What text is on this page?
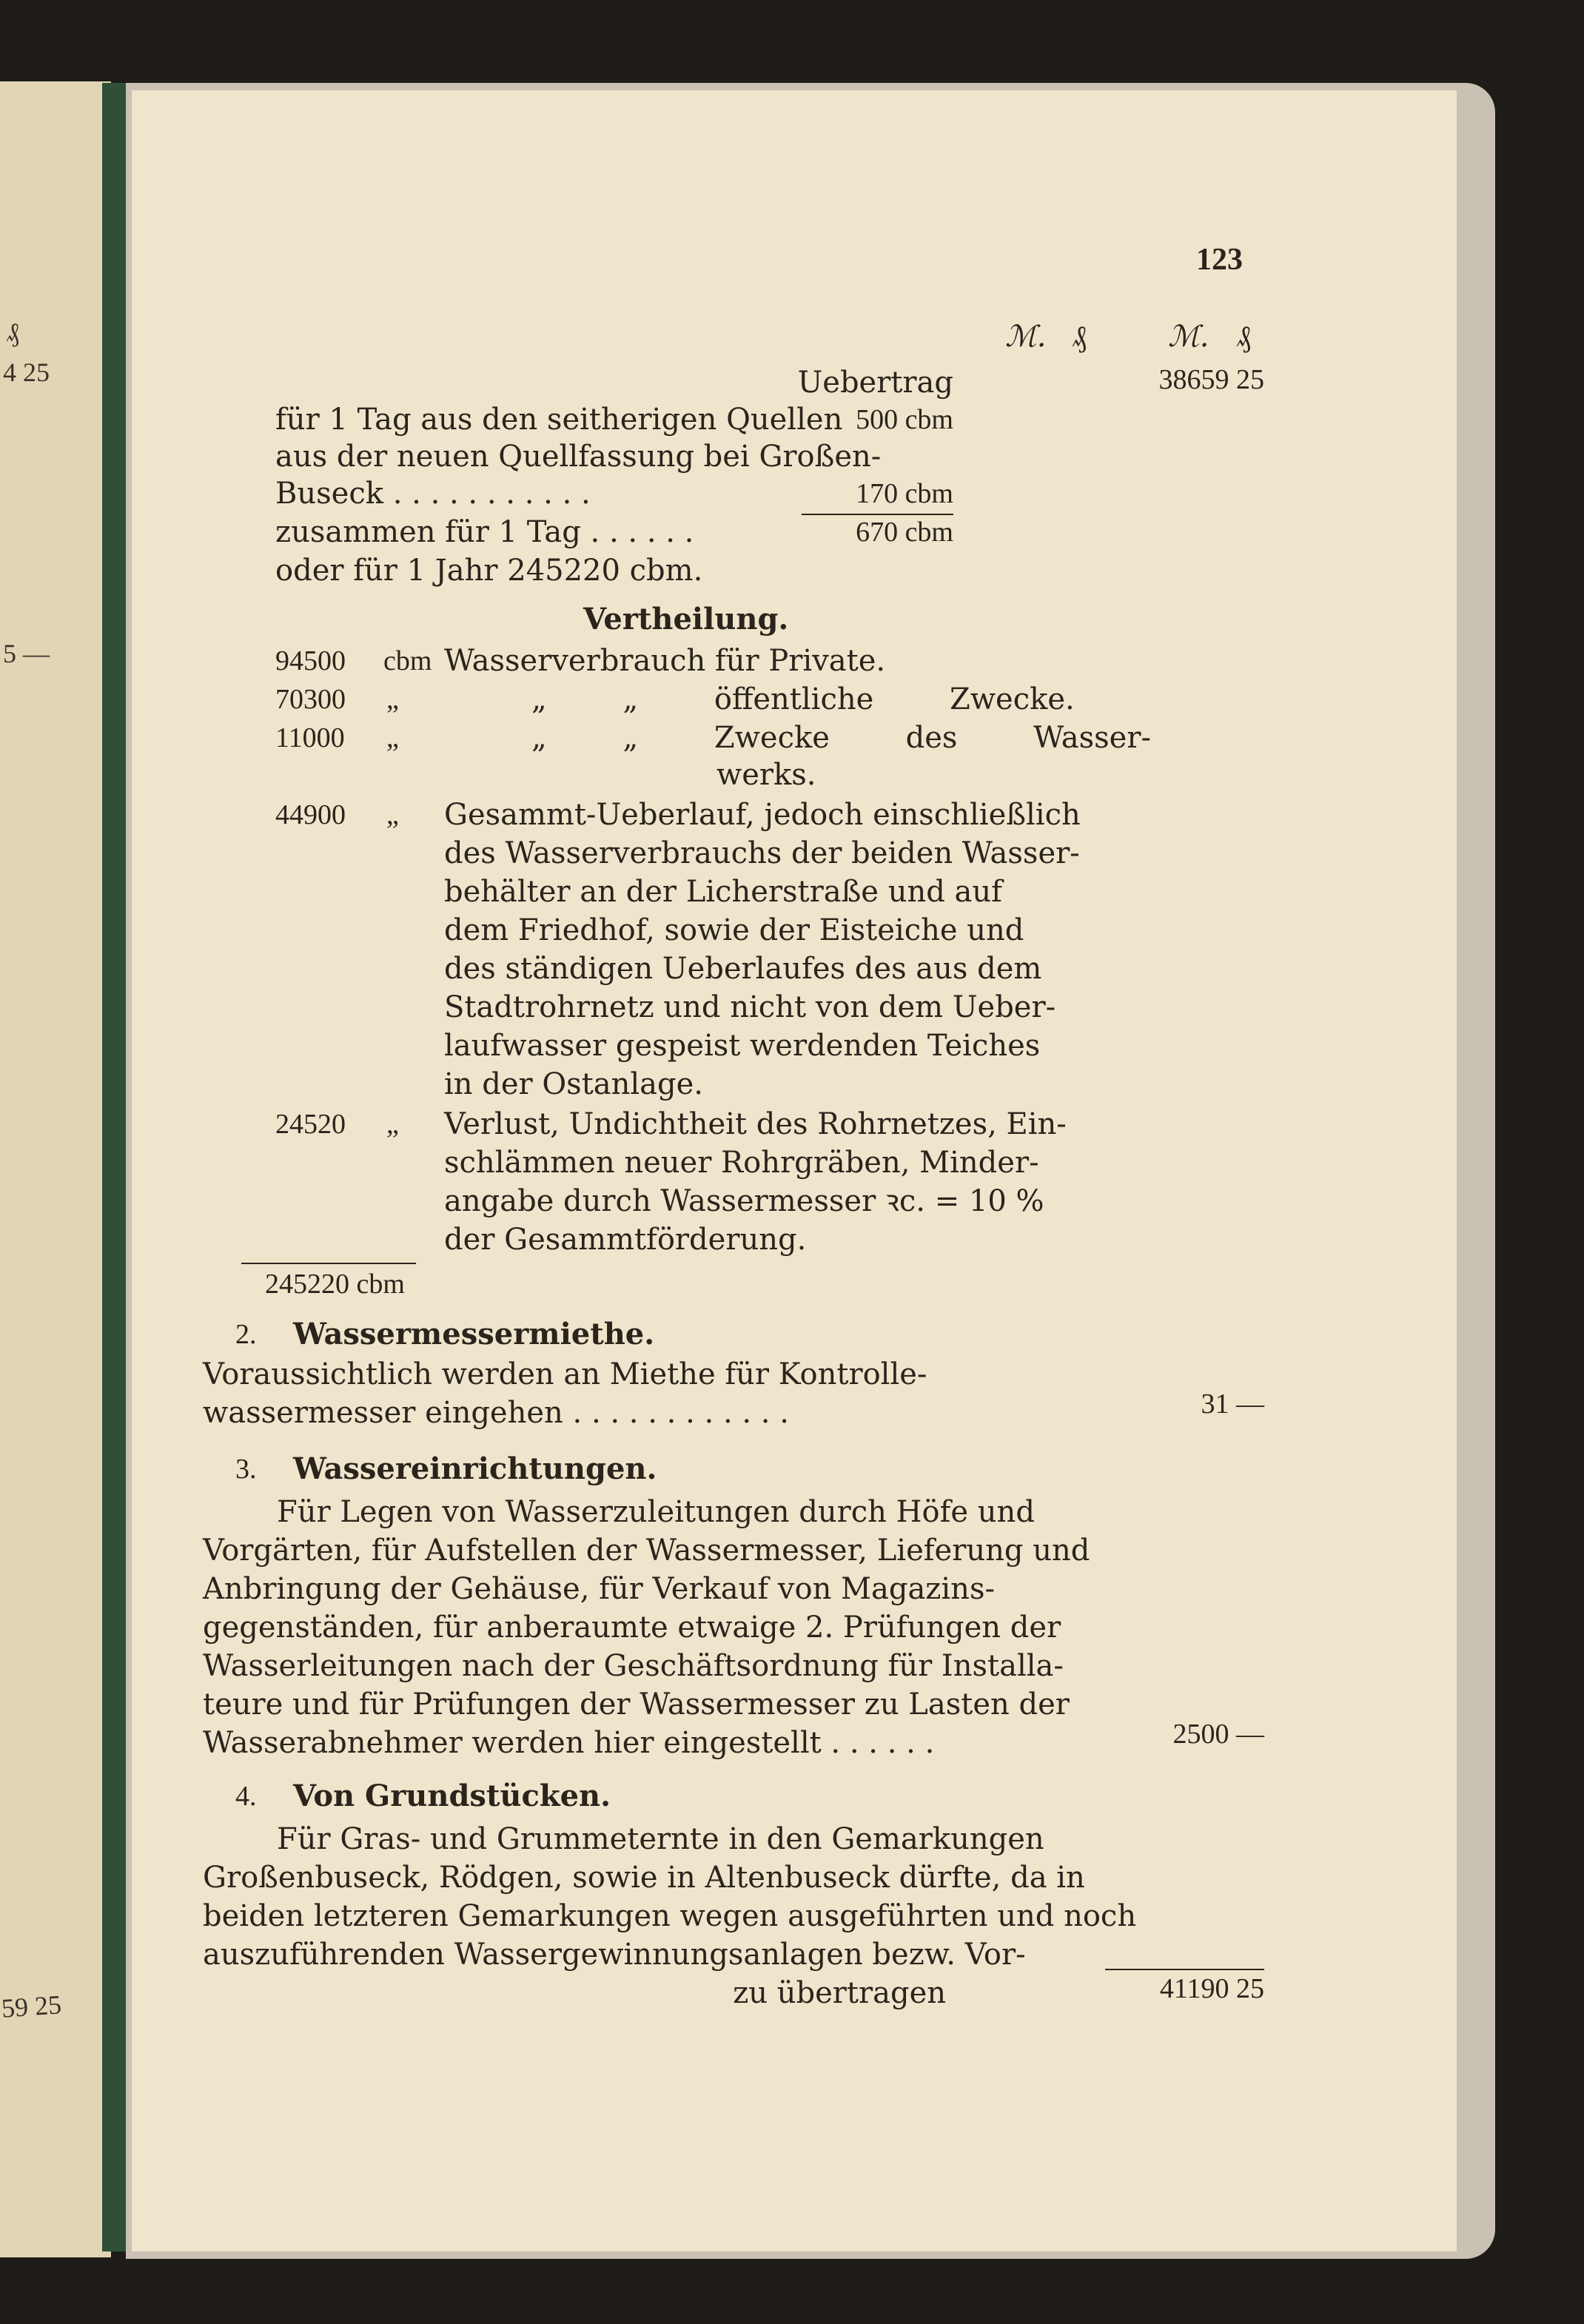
₰
4 25
5 —
59 25
123
ℳ. ₰	ℳ. ₰
Uebertrag	38659 25
für 1 Tag aus den seitherigen Quellen 500 cbm
aus der neuen Quellfassung bei Großen-
Buseck . . . . . . . . . . .	170 cbm
zusammen für 1 Tag . . . . . .	670 cbm
oder für 1 Jahr 245220 cbm.
Vertheilung.
94500 cbm Wasserverbrauch für Private.
70300 „	„ „ öffentliche Zwecke.
11000 „	„ „ Zwecke des Wasser-
werks.
44900 „ Gesammt-Ueberlauf, jedoch einschließlich
des Wasserverbrauchs der beiden Wasser-
behälter an der Licherstraße und auf
dem Friedhof, sowie der Eisteiche und
des ständigen Ueberlaufes des aus dem
Stadtrohrnetz und nicht von dem Ueber-
laufwasser gespeist werdenden Teiches
in der Ostanlage.
24520 „ Verlust, Undichtheit des Rohrnetzes, Ein-
schlämmen neuer Rohrgräben, Minder-
angabe durch Wassermesser ꝛc. = 10 %
der Gesammtförderung.
245220 cbm
2. Wassermessermiethe.
Voraussichtlich werden an Miethe für Kontrolle-
wassermesser eingehen . . . . . . . . . . . .	31 —
3. Wassereinrichtungen.
Für Legen von Wasserzuleitungen durch Höfe und
Vorgärten, für Aufstellen der Wassermesser, Lieferung und
Anbringung der Gehäuse, für Verkauf von Magazins-
gegenständen, für anberaumte etwaige 2. Prüfungen der
Wasserleitungen nach der Geschäftsordnung für Installa-
teure und für Prüfungen der Wassermesser zu Lasten der
Wasserabnehmer werden hier eingestellt . . . . . .	2500 —
4. Von Grundstücken.
Für Gras- und Grummeternte in den Gemarkungen
Großenbuseck, Rödgen, sowie in Altenbuseck dürfte, da in
beiden letzteren Gemarkungen wegen ausgeführten und noch
auszuführenden Wassergewinnungsanlagen bezw. Vor-
zu übertragen	41190 25
